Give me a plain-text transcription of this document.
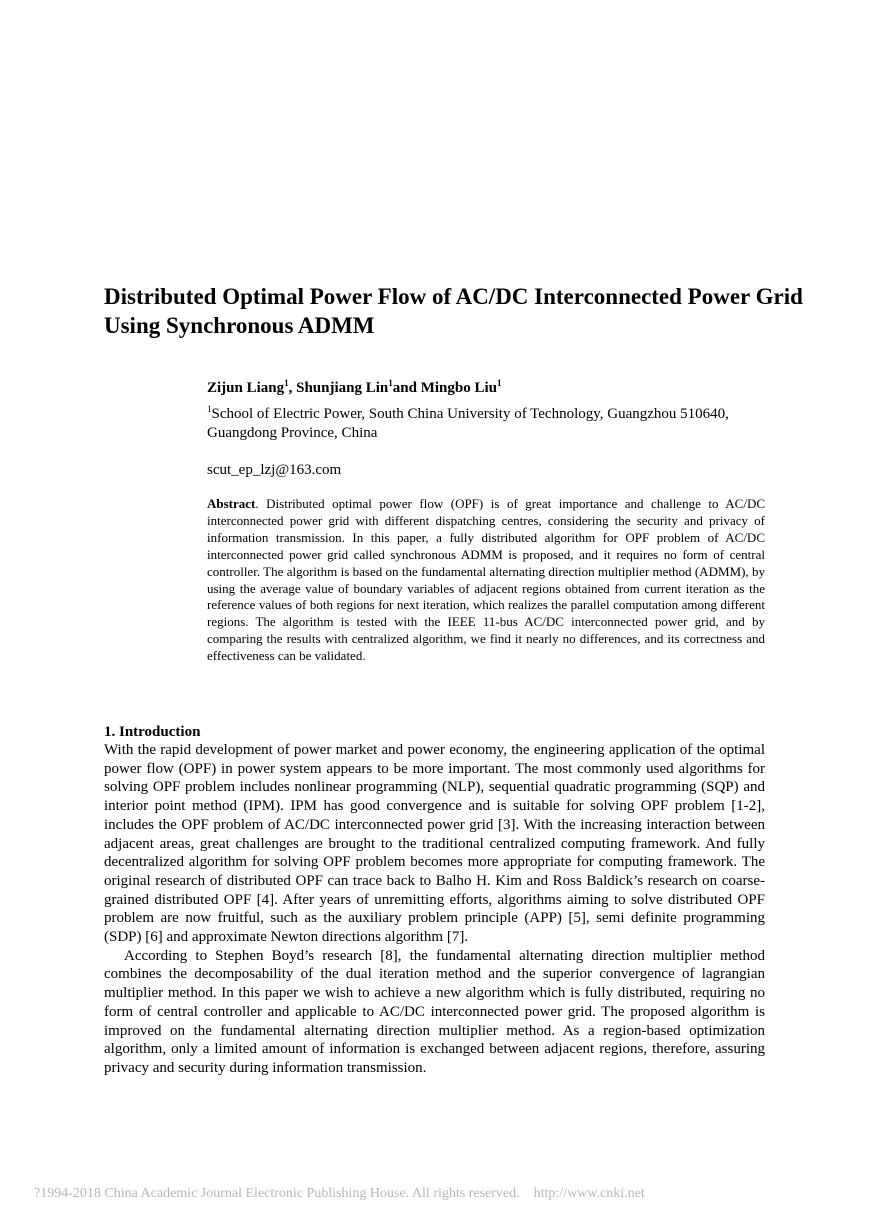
Distributed Optimal Power Flow of AC/DC Interconnected Power Grid Using Synchronous ADMM
Zijun Liang$^1$, Shunjiang Lin$^1$and Mingbo Liu$^1$
$^1$School of Electric Power, South China University of Technology, Guangzhou 510640, Guangdong Province, China
scut_ep_lzj@163.com
Abstract. Distributed optimal power flow (OPF) is of great importance and challenge to AC/DC interconnected power grid with different dispatching centres, considering the security and privacy of information transmission. In this paper, a fully distributed algorithm for OPF problem of AC/DC interconnected power grid called synchronous ADMM is proposed, and it requires no form of central controller. The algorithm is based on the fundamental alternating direction multiplier method (ADMM), by using the average value of boundary variables of adjacent regions obtained from current iteration as the reference values of both regions for next iteration, which realizes the parallel computation among different regions. The algorithm is tested with the IEEE 11-bus AC/DC interconnected power grid, and by comparing the results with centralized algorithm, we find it nearly no differences, and its correctness and effectiveness can be validated.
1. Introduction

With the rapid development of power market and power economy, the engineering application of the optimal power flow (OPF) in power system appears to be more important. The most commonly used algorithms for solving OPF problem includes nonlinear programming (NLP), sequential quadratic programming (SQP) and interior point method (IPM). IPM has good convergence and is suitable for solving OPF problem [1-2], includes the OPF problem of AC/DC interconnected power grid [3]. With the increasing interaction between adjacent areas, great challenges are brought to the traditional centralized computing framework. And fully decentralized algorithm for solving OPF problem becomes more appropriate for computing framework. The original research of distributed OPF can trace back to Balho H. Kim and Ross Baldick’s research on coarse-grained distributed OPF [4]. After years of unremitting efforts, algorithms aiming to solve distributed OPF problem are now fruitful, such as the auxiliary problem principle (APP) [5], semi definite programming (SDP) [6] and approximate Newton directions algorithm [7].

According to Stephen Boyd’s research [8], the fundamental alternating direction multiplier method combines the decomposability of the dual iteration method and the superior convergence of lagrangian multiplier method. In this paper we wish to achieve a new algorithm which is fully distributed, requiring no form of central controller and applicable to AC/DC interconnected power grid. The proposed algorithm is improved on the fundamental alternating direction multiplier method. As a region-based optimization algorithm, only a limited amount of information is exchanged between adjacent regions, therefore, assuring privacy and security during information transmission.

?1994-2018 China Academic Journal Electronic Publishing House. All rights reserved. http://www.cnki.net
